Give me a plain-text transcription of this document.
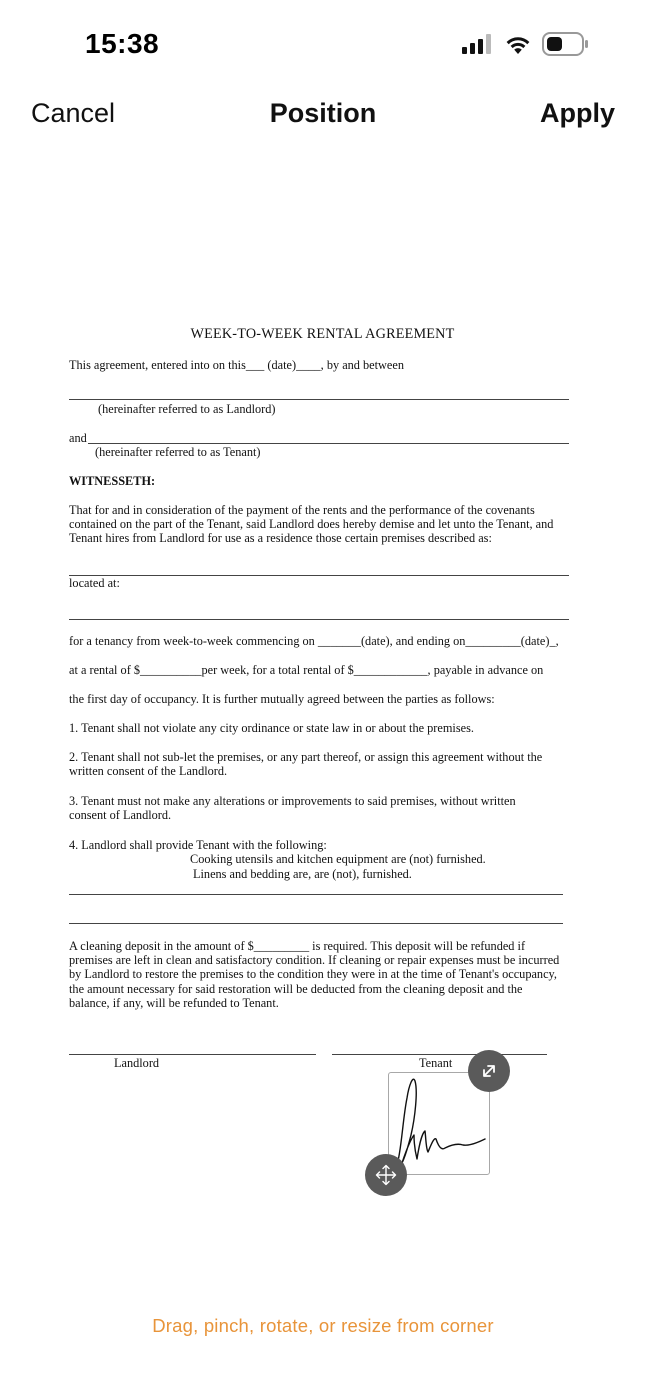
15:38
Cancel	Position	Apply
WEEK-TO-WEEK RENTAL AGREEMENT
This agreement, entered into on this___ (date)____, by and between
(hereinafter referred to as Landlord)
and
(hereinafter referred to as Tenant)
WITNESSETH:
That for and in consideration of the payment of the rents and the performance of the covenants contained on the part of the Tenant, said Landlord does hereby demise and let unto the Tenant, and Tenant hires from Landlord for use as a residence those certain premises described as:
located at:
for a tenancy from week-to-week commencing on _______(date), and ending on_________(date)_,
at a rental of $__________per week, for a total rental of $____________, payable in advance on
the first day of occupancy. It is further mutually agreed between the parties as follows:
1. Tenant shall not violate any city ordinance or state law in or about the premises.
2. Tenant shall not sub-let the premises, or any part thereof, or assign this agreement without the written consent of the Landlord.
3. Tenant must not make any alterations or improvements to said premises, without written consent of Landlord.
4. Landlord shall provide Tenant with the following:
Cooking utensils and kitchen equipment are (not) furnished.
Linens and bedding are, are (not), furnished.
A cleaning deposit in the amount of $_________ is required. This deposit will be refunded if premises are left in clean and satisfactory condition. If cleaning or repair expenses must be incurred by Landlord to restore the premises to the condition they were in at the time of Tenant's occupancy, the amount necessary for said restoration will be deducted from the cleaning deposit and the balance, if any, will be refunded to Tenant.
Landlord	Tenant
Drag, pinch, rotate, or resize from corner
